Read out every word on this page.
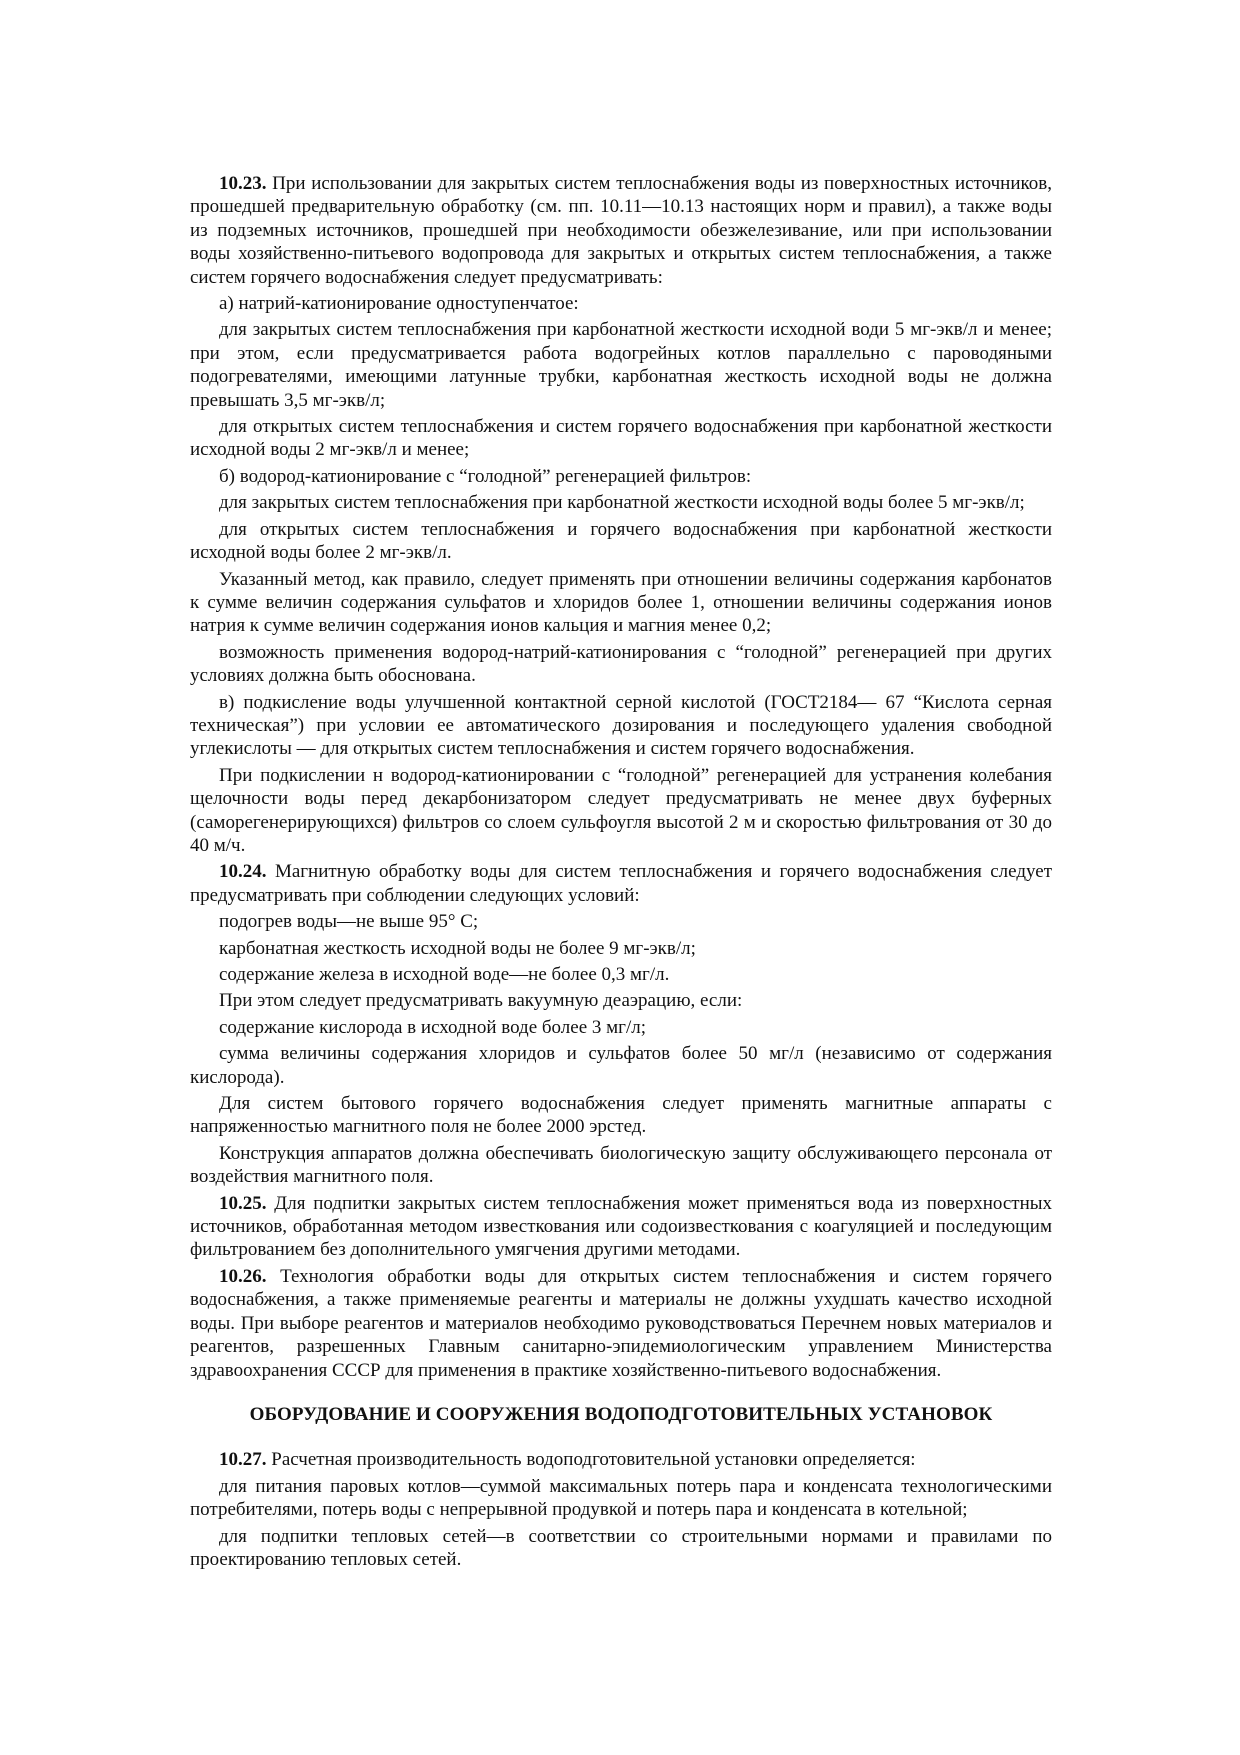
10.23. При использовании для закрытых систем теплоснабжения воды из поверхностных источников, прошедшей предварительную обработку (см. пп. 10.11—10.13 настоящих норм и правил), а также воды из подземных источников, прошедшей при необходимости обезжелезивание, или при использовании воды хозяйственно-питьевого водопровода для закрытых и открытых систем теплоснабжения, а также систем горячего водоснабжения следует предусматривать:

а) натрий-катионирование одноступенчатое:

для закрытых систем теплоснабжения при карбонатной жесткости исходной води 5 мг-экв/л и менее; при этом, если предусматривается работа водогрейных котлов параллельно с пароводяными подогревателями, имеющими латунные трубки, карбонатная жесткость исходной воды не должна превышать 3,5 мг-экв/л;

для открытых систем теплоснабжения и систем горячего водоснабжения при карбонатной жесткости исходной воды 2 мг-экв/л и менее;

б) водород-катионирование с “голодной” регенерацией фильтров:

для закрытых систем теплоснабжения при карбонатной жесткости исходной воды более 5 мг-экв/л;

для открытых систем теплоснабжения и горячего водоснабжения при карбонатной жесткости исходной воды более 2 мг-экв/л.

Указанный метод, как правило, следует применять при отношении величины содержания карбонатов к сумме величин содержания сульфатов и хлоридов более 1, отношении величины содержания ионов натрия к сумме величин содержания ионов кальция и магния менее 0,2;

возможность применения водород-натрий-катионирования с “голодной” регенерацией при других условиях должна быть обоснована.

в) подкисление воды улучшенной контактной серной кислотой (ГОСТ2184— 67 “Кислота серная техническая”) при условии ее автоматического дозирования и последующего удаления свободной углекислоты — для открытых систем теплоснабжения и систем горячего водоснабжения.

При подкислении н водород-катионировании с “голодной” регенерацией для устранения колебания щелочности воды перед декарбонизатором следует предусматривать не менее двух буферных (саморегенерирующихся) фильтров со слоем сульфоугля высотой 2 м и скоростью фильтрования от 30 до 40 м/ч.

10.24. Магнитную обработку воды для систем теплоснабжения и горячего водоснабжения следует предусматривать при соблюдении следующих условий:

подогрев воды—не выше 95° С;

карбонатная жесткость исходной воды не более 9 мг-экв/л;

содержание железа в исходной воде—не более 0,3 мг/л.

При этом следует предусматривать вакуумную деаэрацию, если:

содержание кислорода в исходной воде более 3 мг/л;

сумма величины содержания хлоридов и сульфатов более 50 мг/л (независимо от содержания кислорода).

Для систем бытового горячего водоснабжения следует применять магнитные аппараты с напряженностью магнитного поля не более 2000 эрстед.

Конструкция аппаратов должна обеспечивать биологическую защиту обслуживающего персонала от воздействия магнитного поля.

10.25. Для подпитки закрытых систем теплоснабжения может применяться вода из поверхностных источников, обработанная методом известкования или содоизвесткования с коагуляцией и последующим фильтрованием без дополнительного умягчения другими методами.

10.26. Технология обработки воды для открытых систем теплоснабжения и систем горячего водоснабжения, а также применяемые реагенты и материалы не должны ухудшать качество исходной воды. При выборе реагентов и материалов необходимо руководствоваться Перечнем новых материалов и реагентов, разрешенных Главным санитарно-эпидемиологическим управлением Министерства здравоохранения СССР для применения в практике хозяйственно-питьевого водоснабжения.

ОБОРУДОВАНИЕ И СООРУЖЕНИЯ ВОДОПОДГОТОВИТЕЛЬНЫХ УСТАНОВОК

10.27. Расчетная производительность водоподготовительной установки определяется:

для питания паровых котлов—суммой максимальных потерь пара и конденсата технологическими потребителями, потерь воды с непрерывной продувкой и потерь пара и конденсата в котельной;

для подпитки тепловых сетей—в соответствии со строительными нормами и правилами по проектированию тепловых сетей.
